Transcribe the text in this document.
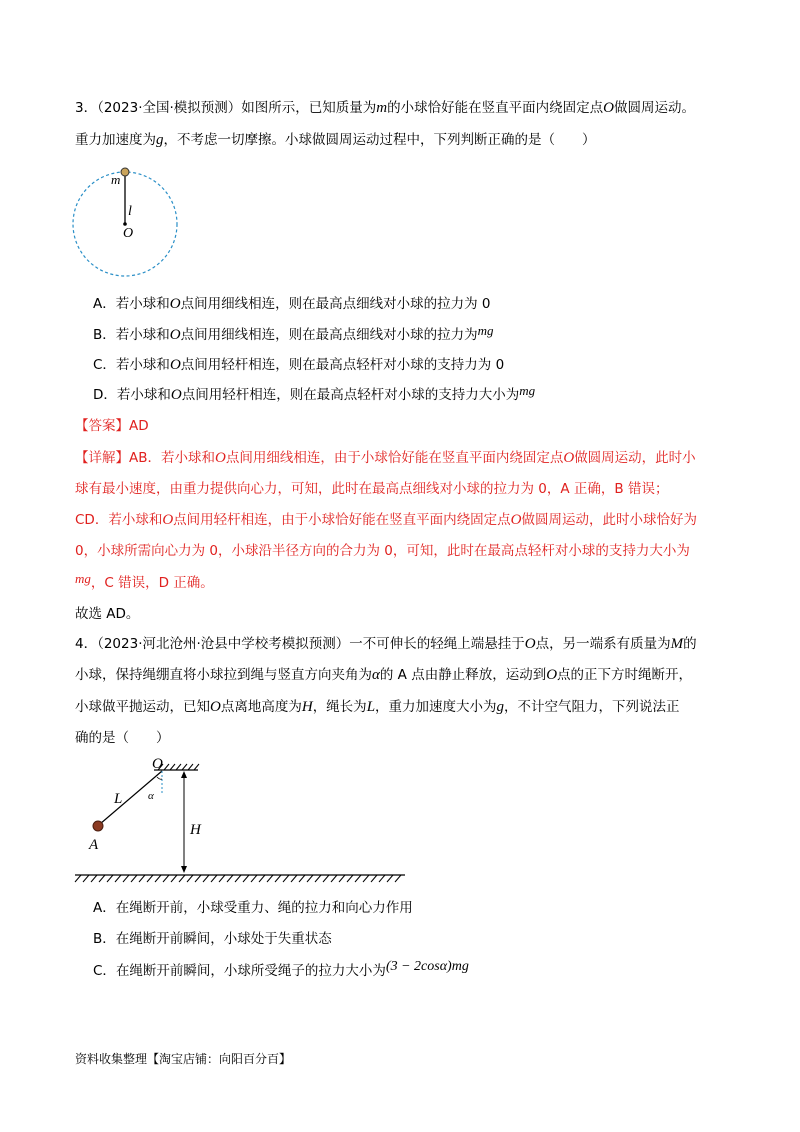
3．（2023·全国·模拟预测）如图所示，已知质量为m的小球恰好能在竖直平面内绕固定点O做圆周运动。
重力加速度为g，不考虑一切摩擦。小球做圆周运动过程中，下列判断正确的是（　　）
m
l
O
A．若小球和O点间用细线相连，则在最高点细线对小球的拉力为 0
B．若小球和O点间用细线相连，则在最高点细线对小球的拉力为mg
C．若小球和O点间用轻杆相连，则在最高点轻杆对小球的支持力为 0
D．若小球和O点间用轻杆相连，则在最高点轻杆对小球的支持力大小为mg
【答案】AD
【详解】AB．若小球和O点间用细线相连，由于小球恰好能在竖直平面内绕固定点O做圆周运动，此时小
球有最小速度，由重力提供向心力，可知，此时在最高点细线对小球的拉力为 0，A 正确，B 错误；
CD．若小球和O点间用轻杆相连，由于小球恰好能在竖直平面内绕固定点O做圆周运动，此时小球恰好为
0，小球所需向心力为 0，小球沿半径方向的合力为 0，可知，此时在最高点轻杆对小球的支持力大小为
mg，C 错误，D 正确。
故选 AD。
4．（2023·河北沧州·沧县中学校考模拟预测）一不可伸长的轻绳上端悬挂于O点，另一端系有质量为M的
小球，保持绳绷直将小球拉到绳与竖直方向夹角为α的 A 点由静止释放，运动到O点的正下方时绳断开，
小球做平抛运动，已知O点离地高度为H，绳长为L，重力加速度大小为g，不计空气阻力，下列说法正
确的是（　　）
O
L α
H
A
A．在绳断开前，小球受重力、绳的拉力和向心力作用
B．在绳断开前瞬间，小球处于失重状态
C．在绳断开前瞬间，小球所受绳子的拉力大小为(3 − 2cosα)mg
资料收集整理【淘宝店铺：向阳百分百】
